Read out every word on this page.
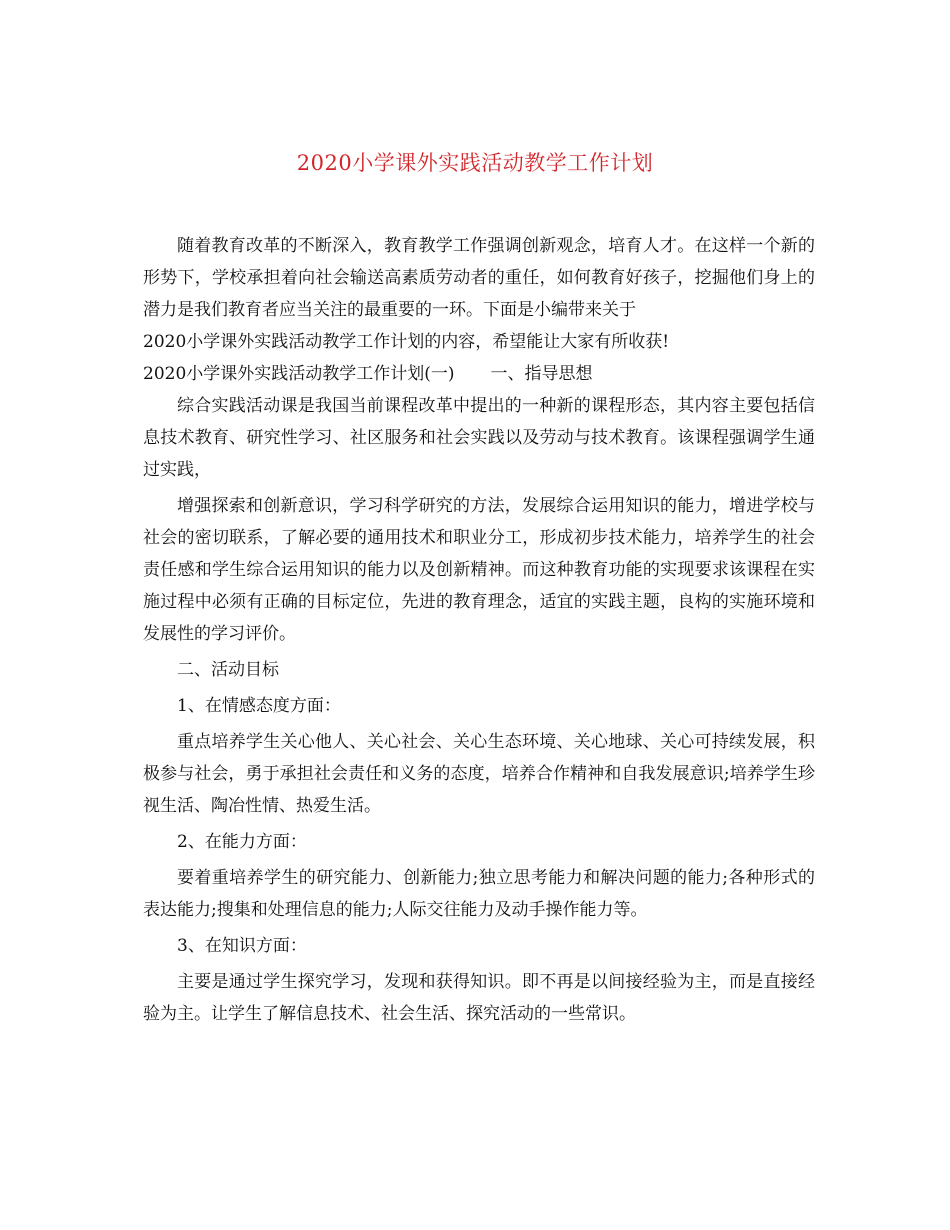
2020小学课外实践活动教学工作计划

随着教育改革的不断深入，教育教学工作强调创新观念，培育人才。在这样一个新的形势下，学校承担着向社会输送高素质劳动者的重任，如何教育好孩子，挖掘他们身上的潜力是我们教育者应当关注的最重要的一环。下面是小编带来关于

2020小学课外实践活动教学工作计划的内容，希望能让大家有所收获!

2020小学课外实践活动教学工作计划(一) 一、指导思想

综合实践活动课是我国当前课程改革中提出的一种新的课程形态，其内容主要包括信息技术教育、研究性学习、社区服务和社会实践以及劳动与技术教育。该课程强调学生通过实践，

增强探索和创新意识，学习科学研究的方法，发展综合运用知识的能力，增进学校与社会的密切联系，了解必要的通用技术和职业分工，形成初步技术能力，培养学生的社会责任感和学生综合运用知识的能力以及创新精神。而这种教育功能的实现要求该课程在实施过程中必须有正确的目标定位，先进的教育理念，适宜的实践主题，良构的实施环境和发展性的学习评价。

二、活动目标

1、在情感态度方面：

重点培养学生关心他人、关心社会、关心生态环境、关心地球、关心可持续发展，积极参与社会，勇于承担社会责任和义务的态度，培养合作精神和自我发展意识;培养学生珍视生活、陶冶性情、热爱生活。

2、在能力方面：

要着重培养学生的研究能力、创新能力;独立思考能力和解决问题的能力;各种形式的表达能力;搜集和处理信息的能力;人际交往能力及动手操作能力等。

3、在知识方面：

主要是通过学生探究学习，发现和获得知识。即不再是以间接经验为主，而是直接经验为主。让学生了解信息技术、社会生活、探究活动的一些常识。
